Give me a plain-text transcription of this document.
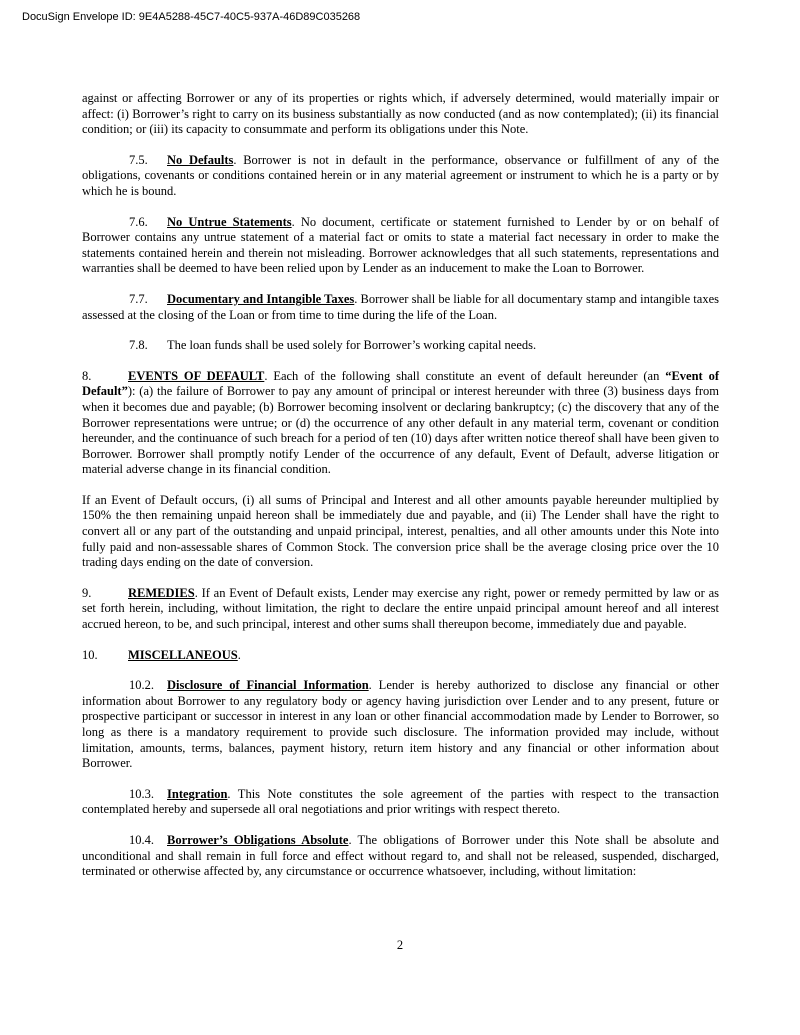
DocuSign Envelope ID: 9E4A5288-45C7-40C5-937A-46D89C035268

against or affecting Borrower or any of its properties or rights which, if adversely determined, would materially impair or affect: (i) Borrower’s right to carry on its business substantially as now conducted (and as now contemplated); (ii) its financial condition; or (iii) its capacity to consummate and perform its obligations under this Note.

7.5. No Defaults. Borrower is not in default in the performance, observance or fulfillment of any of the obligations, covenants or conditions contained herein or in any material agreement or instrument to which he is a party or by which he is bound.

7.6. No Untrue Statements. No document, certificate or statement furnished to Lender by or on behalf of Borrower contains any untrue statement of a material fact or omits to state a material fact necessary in order to make the statements contained herein and therein not misleading. Borrower acknowledges that all such statements, representations and warranties shall be deemed to have been relied upon by Lender as an inducement to make the Loan to Borrower.

7.7. Documentary and Intangible Taxes. Borrower shall be liable for all documentary stamp and intangible taxes assessed at the closing of the Loan or from time to time during the life of the Loan.

7.8. The loan funds shall be used solely for Borrower’s working capital needs.

8.	EVENTS OF DEFAULT. Each of the following shall constitute an event of default hereunder (an “Event of Default”): (a) the failure of Borrower to pay any amount of principal or interest hereunder with three (3) business days from when it becomes due and payable; (b) Borrower becoming insolvent or declaring bankruptcy; (c) the discovery that any of the Borrower representations were untrue; or (d) the occurrence of any other default in any material term, covenant or condition hereunder, and the continuance of such breach for a period of ten (10) days after written notice thereof shall have been given to Borrower. Borrower shall promptly notify Lender of the occurrence of any default, Event of Default, adverse litigation or material adverse change in its financial condition.

If an Event of Default occurs, (i) all sums of Principal and Interest and all other amounts payable hereunder multiplied by 150% the then remaining unpaid hereon shall be immediately due and payable, and (ii) The Lender shall have the right to convert all or any part of the outstanding and unpaid principal, interest, penalties, and all other amounts under this Note into fully paid and non-assessable shares of Common Stock. The conversion price shall be the average closing price over the 10 trading days ending on the date of conversion.

9.	REMEDIES. If an Event of Default exists, Lender may exercise any right, power or remedy permitted by law or as set forth herein, including, without limitation, the right to declare the entire unpaid principal amount hereof and all interest accrued hereon, to be, and such principal, interest and other sums shall thereupon become, immediately due and payable.

10. MISCELLANEOUS.

10.2. Disclosure of Financial Information. Lender is hereby authorized to disclose any financial or other information about Borrower to any regulatory body or agency having jurisdiction over Lender and to any present, future or prospective participant or successor in interest in any loan or other financial accommodation made by Lender to Borrower, so long as there is a mandatory requirement to provide such disclosure. The information provided may include, without limitation, amounts, terms, balances, payment history, return item history and any financial or other information about Borrower.

10.3. Integration. This Note constitutes the sole agreement of the parties with respect to the transaction contemplated hereby and supersede all oral negotiations and prior writings with respect thereto.

10.4. Borrower’s Obligations Absolute. The obligations of Borrower under this Note shall be absolute and unconditional and shall remain in full force and effect without regard to, and shall not be released, suspended, discharged, terminated or otherwise affected by, any circumstance or occurrence whatsoever, including, without limitation:

2
